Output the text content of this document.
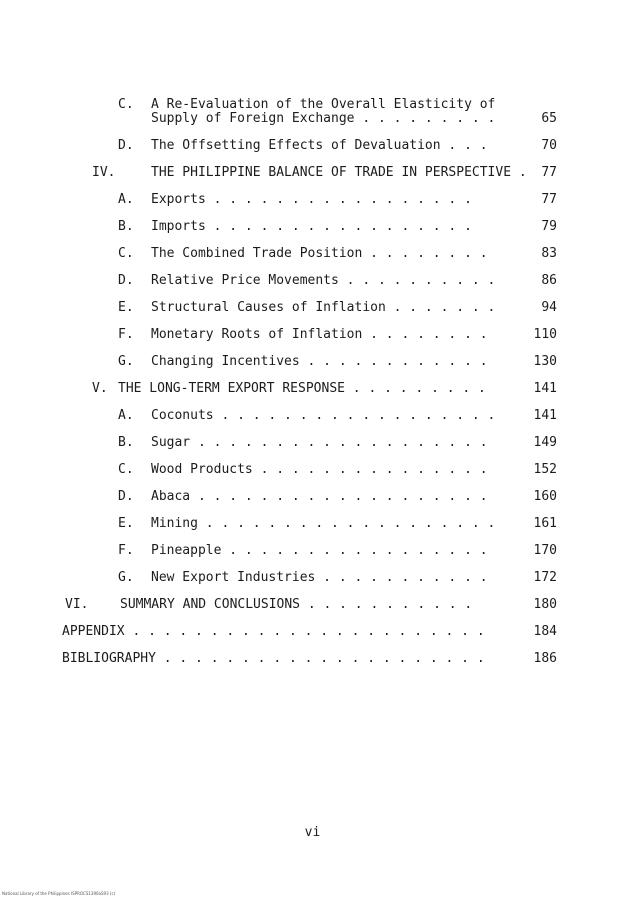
C. A Re-Evaluation of the Overall Elasticity of
Supply of Foreign Exchange . . . . . . . . .	65
D. The Offsetting Effects of Devaluation . . .	70
IV.	THE PHILIPPINE BALANCE OF TRADE IN PERSPECTIVE . 77
A. Exports . . . . . . . . . . . . . . . . .	77
B. Imports . . . . . . . . . . . . . . . . .	79
C. The Combined Trade Position . . . . . . . .	83
D. Relative Price Movements . . . . . . . . . .	86
E. Structural Causes of Inflation . . . . . . .	94
F. Monetary Roots of Inflation . . . . . . . .	110
G. Changing Incentives . . . . . . . . . . . .	130
V. THE LONG-TERM EXPORT RESPONSE . . . . . . . . .	141
A. Coconuts . . . . . . . . . . . . . . . . . .	141
B. Sugar . . . . . . . . . . . . . . . . . . .	149
C. Wood Products . . . . . . . . . . . . . . .	152
D. Abaca . . . . . . . . . . . . . . . . . . .	160
E. Mining . . . . . . . . . . . . . . . . . . .	161
F. Pineapple . . . . . . . . . . . . . . . . .	170
G. New Export Industries . . . . . . . . . . .	172
VI. SUMMARY AND CONCLUSIONS . . . . . . . . . . .	180
APPENDIX . . . . . . . . . . . . . . . . . . . . . . .	184
BIBLIOGRAPHY . . . . . . . . . . . . . . . . . . . . .	186
vi
National Library of the Philippines ISPROCS1390aS93 (c)
